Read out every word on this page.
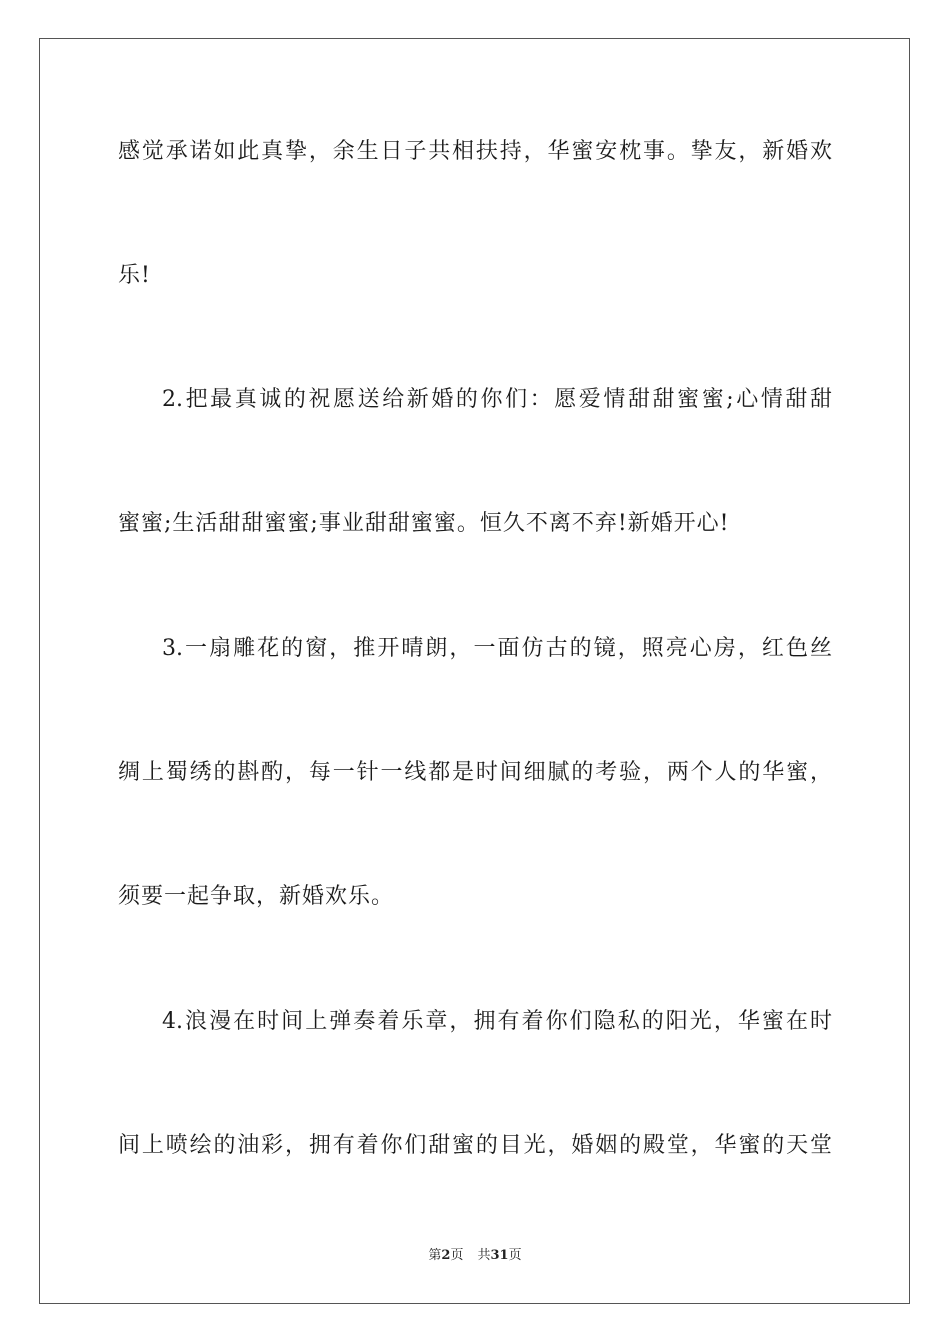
感觉承诺如此真挚，余生日子共相扶持，华蜜安枕事。挚友，新婚欢
乐!
2.把最真诚的祝愿送给新婚的你们：愿爱情甜甜蜜蜜;心情甜甜
蜜蜜;生活甜甜蜜蜜;事业甜甜蜜蜜。恒久不离不弃!新婚开心!
3.一扇雕花的窗，推开晴朗，一面仿古的镜，照亮心房，红色丝
绸上蜀绣的斟酌，每一针一线都是时间细腻的考验，两个人的华蜜，
须要一起争取，新婚欢乐。
4.浪漫在时间上弹奏着乐章，拥有着你们隐私的阳光，华蜜在时
间上喷绘的油彩，拥有着你们甜蜜的目光，婚姻的殿堂，华蜜的天堂
第2页 共31页
